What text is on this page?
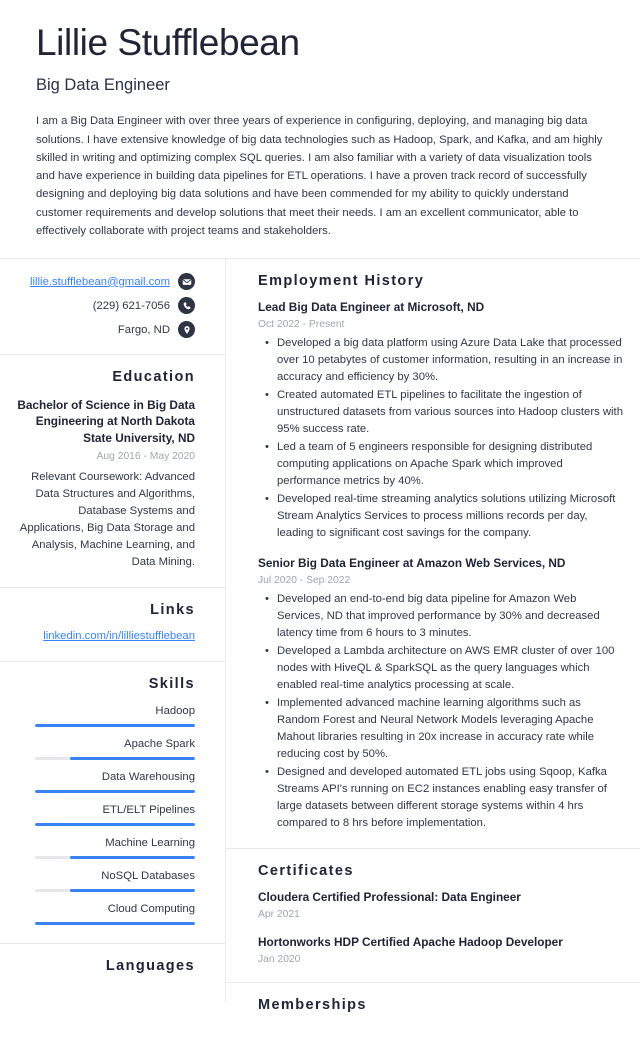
Lillie Stufflebean
Big Data Engineer

I am a Big Data Engineer with over three years of experience in configuring, deploying, and managing big data solutions. I have extensive knowledge of big data technologies such as Hadoop, Spark, and Kafka, and am highly skilled in writing and optimizing complex SQL queries. I am also familiar with a variety of data visualization tools and have experience in building data pipelines for ETL operations. I have a proven track record of successfully designing and deploying big data solutions and have been commended for my ability to quickly understand customer requirements and develop solutions that meet their needs. I am an excellent communicator, able to effectively collaborate with project teams and stakeholders.

lillie.stufflebean@gmail.com
(229) 621-7056
Fargo, ND
Education
Bachelor of Science in Big Data Engineering at North Dakota State University, ND
Aug 2016 - May 2020
Relevant Coursework: Advanced Data Structures and Algorithms, Database Systems and Applications, Big Data Storage and Analysis, Machine Learning, and Data Mining.
Links
linkedin.com/in/lilliestufflebean
Skills
Hadoop
Apache Spark
Data Warehousing
ETL/ELT Pipelines
Machine Learning
NoSQL Databases
Cloud Computing
Languages
Employment History
Lead Big Data Engineer at Microsoft, ND
Oct 2022 - Present
• Developed a big data platform using Azure Data Lake that processed over 10 petabytes of customer information, resulting in an increase in accuracy and efficiency by 30%.
• Created automated ETL pipelines to facilitate the ingestion of unstructured datasets from various sources into Hadoop clusters with 95% success rate.
• Led a team of 5 engineers responsible for designing distributed computing applications on Apache Spark which improved performance metrics by 40%.
• Developed real-time streaming analytics solutions utilizing Microsoft Stream Analytics Services to process millions records per day, leading to significant cost savings for the company.
Senior Big Data Engineer at Amazon Web Services, ND
Jul 2020 - Sep 2022
• Developed an end-to-end big data pipeline for Amazon Web Services, ND that improved performance by 30% and decreased latency time from 6 hours to 3 minutes.
• Developed a Lambda architecture on AWS EMR cluster of over 100 nodes with HiveQL & SparkSQL as the query languages which enabled real-time analytics processing at scale.
• Implemented advanced machine learning algorithms such as Random Forest and Neural Network Models leveraging Apache Mahout libraries resulting in 20x increase in accuracy rate while reducing cost by 50%.
• Designed and developed automated ETL jobs using Sqoop, Kafka Streams API's running on EC2 instances enabling easy transfer of large datasets between different storage systems within 4 hrs compared to 8 hrs before implementation.
Certificates
Cloudera Certified Professional: Data Engineer
Apr 2021
Hortonworks HDP Certified Apache Hadoop Developer
Jan 2020
Memberships
